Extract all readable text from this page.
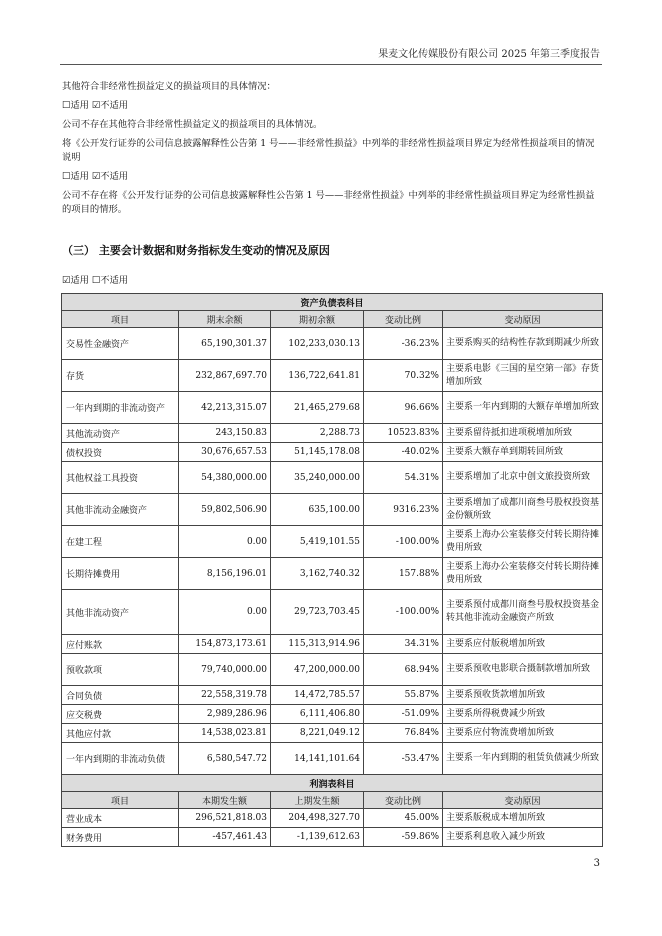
果麦文化传媒股份有限公司 2025 年第三季度报告

其他符合非经常性损益定义的损益项目的具体情况：

☐适用 ☑不适用

公司不存在其他符合非经常性损益定义的损益项目的具体情况。

将《公开发行证券的公司信息披露解释性公告第 1 号——非经常性损益》中列举的非经常性损益项目界定为经常性损益项目的情况说明

☐适用 ☑不适用

公司不存在将《公开发行证券的公司信息披露解释性公告第 1 号——非经常性损益》中列举的非经常性损益项目界定为经常性损益的项目的情形。

（三） 主要会计数据和财务指标发生变动的情况及原因

☑适用 ☐不适用

资产负债表科目				
项目	期末余额	期初余额	变动比例	变动原因
交易性金融资产	65,190,301.37	102,233,030.13	-36.23%	主要系购买的结构性存款到期减少所致
存货	232,867,697.70	136,722,641.81	70.32%	主要系电影《三国的星空第一部》存货增加所致
一年内到期的非流动资产	42,213,315.07	21,465,279.68	96.66%	主要系一年内到期的大额存单增加所致
其他流动资产	243,150.83	2,288.73	10523.83%	主要系留待抵扣进项税增加所致
债权投资	30,676,657.53	51,145,178.08	-40.02%	主要系大额存单到期转回所致
其他权益工具投资	54,380,000.00	35,240,000.00	54.31%	主要系增加了北京中创文旅投资所致
其他非流动金融资产	59,802,506.90	635,100.00	9316.23%	主要系增加了成都川商叁号股权投资基金份额所致
在建工程	0.00	5,419,101.55	-100.00%	主要系上海办公室装修交付转长期待摊费用所致
长期待摊费用	8,156,196.01	3,162,740.32	157.88%	主要系上海办公室装修交付转长期待摊费用所致
其他非流动资产	0.00	29,723,703.45	-100.00%	主要系预付成都川商叁号股权投资基金转其他非流动金融资产所致
应付账款	154,873,173.61	115,313,914.96	34.31%	主要系应付版税增加所致
预收款项	79,740,000.00	47,200,000.00	68.94%	主要系预收电影联合摄制款增加所致
合同负债	22,558,319.78	14,472,785.57	55.87%	主要系预收货款增加所致
应交税费	2,989,286.96	6,111,406.80	-51.09%	主要系所得税费减少所致
其他应付款	14,538,023.81	8,221,049.12	76.84%	主要系应付物流费增加所致
一年内到期的非流动负债	6,580,547.72	14,141,101.64	-53.47%	主要系一年内到期的租赁负债减少所致
利润表科目				
项目	本期发生额	上期发生额	变动比例	变动原因
营业成本	296,521,818.03	204,498,327.70	45.00%	主要系版税成本增加所致
财务费用	-457,461.43	-1,139,612.63	-59.86%	主要系利息收入减少所致
3
